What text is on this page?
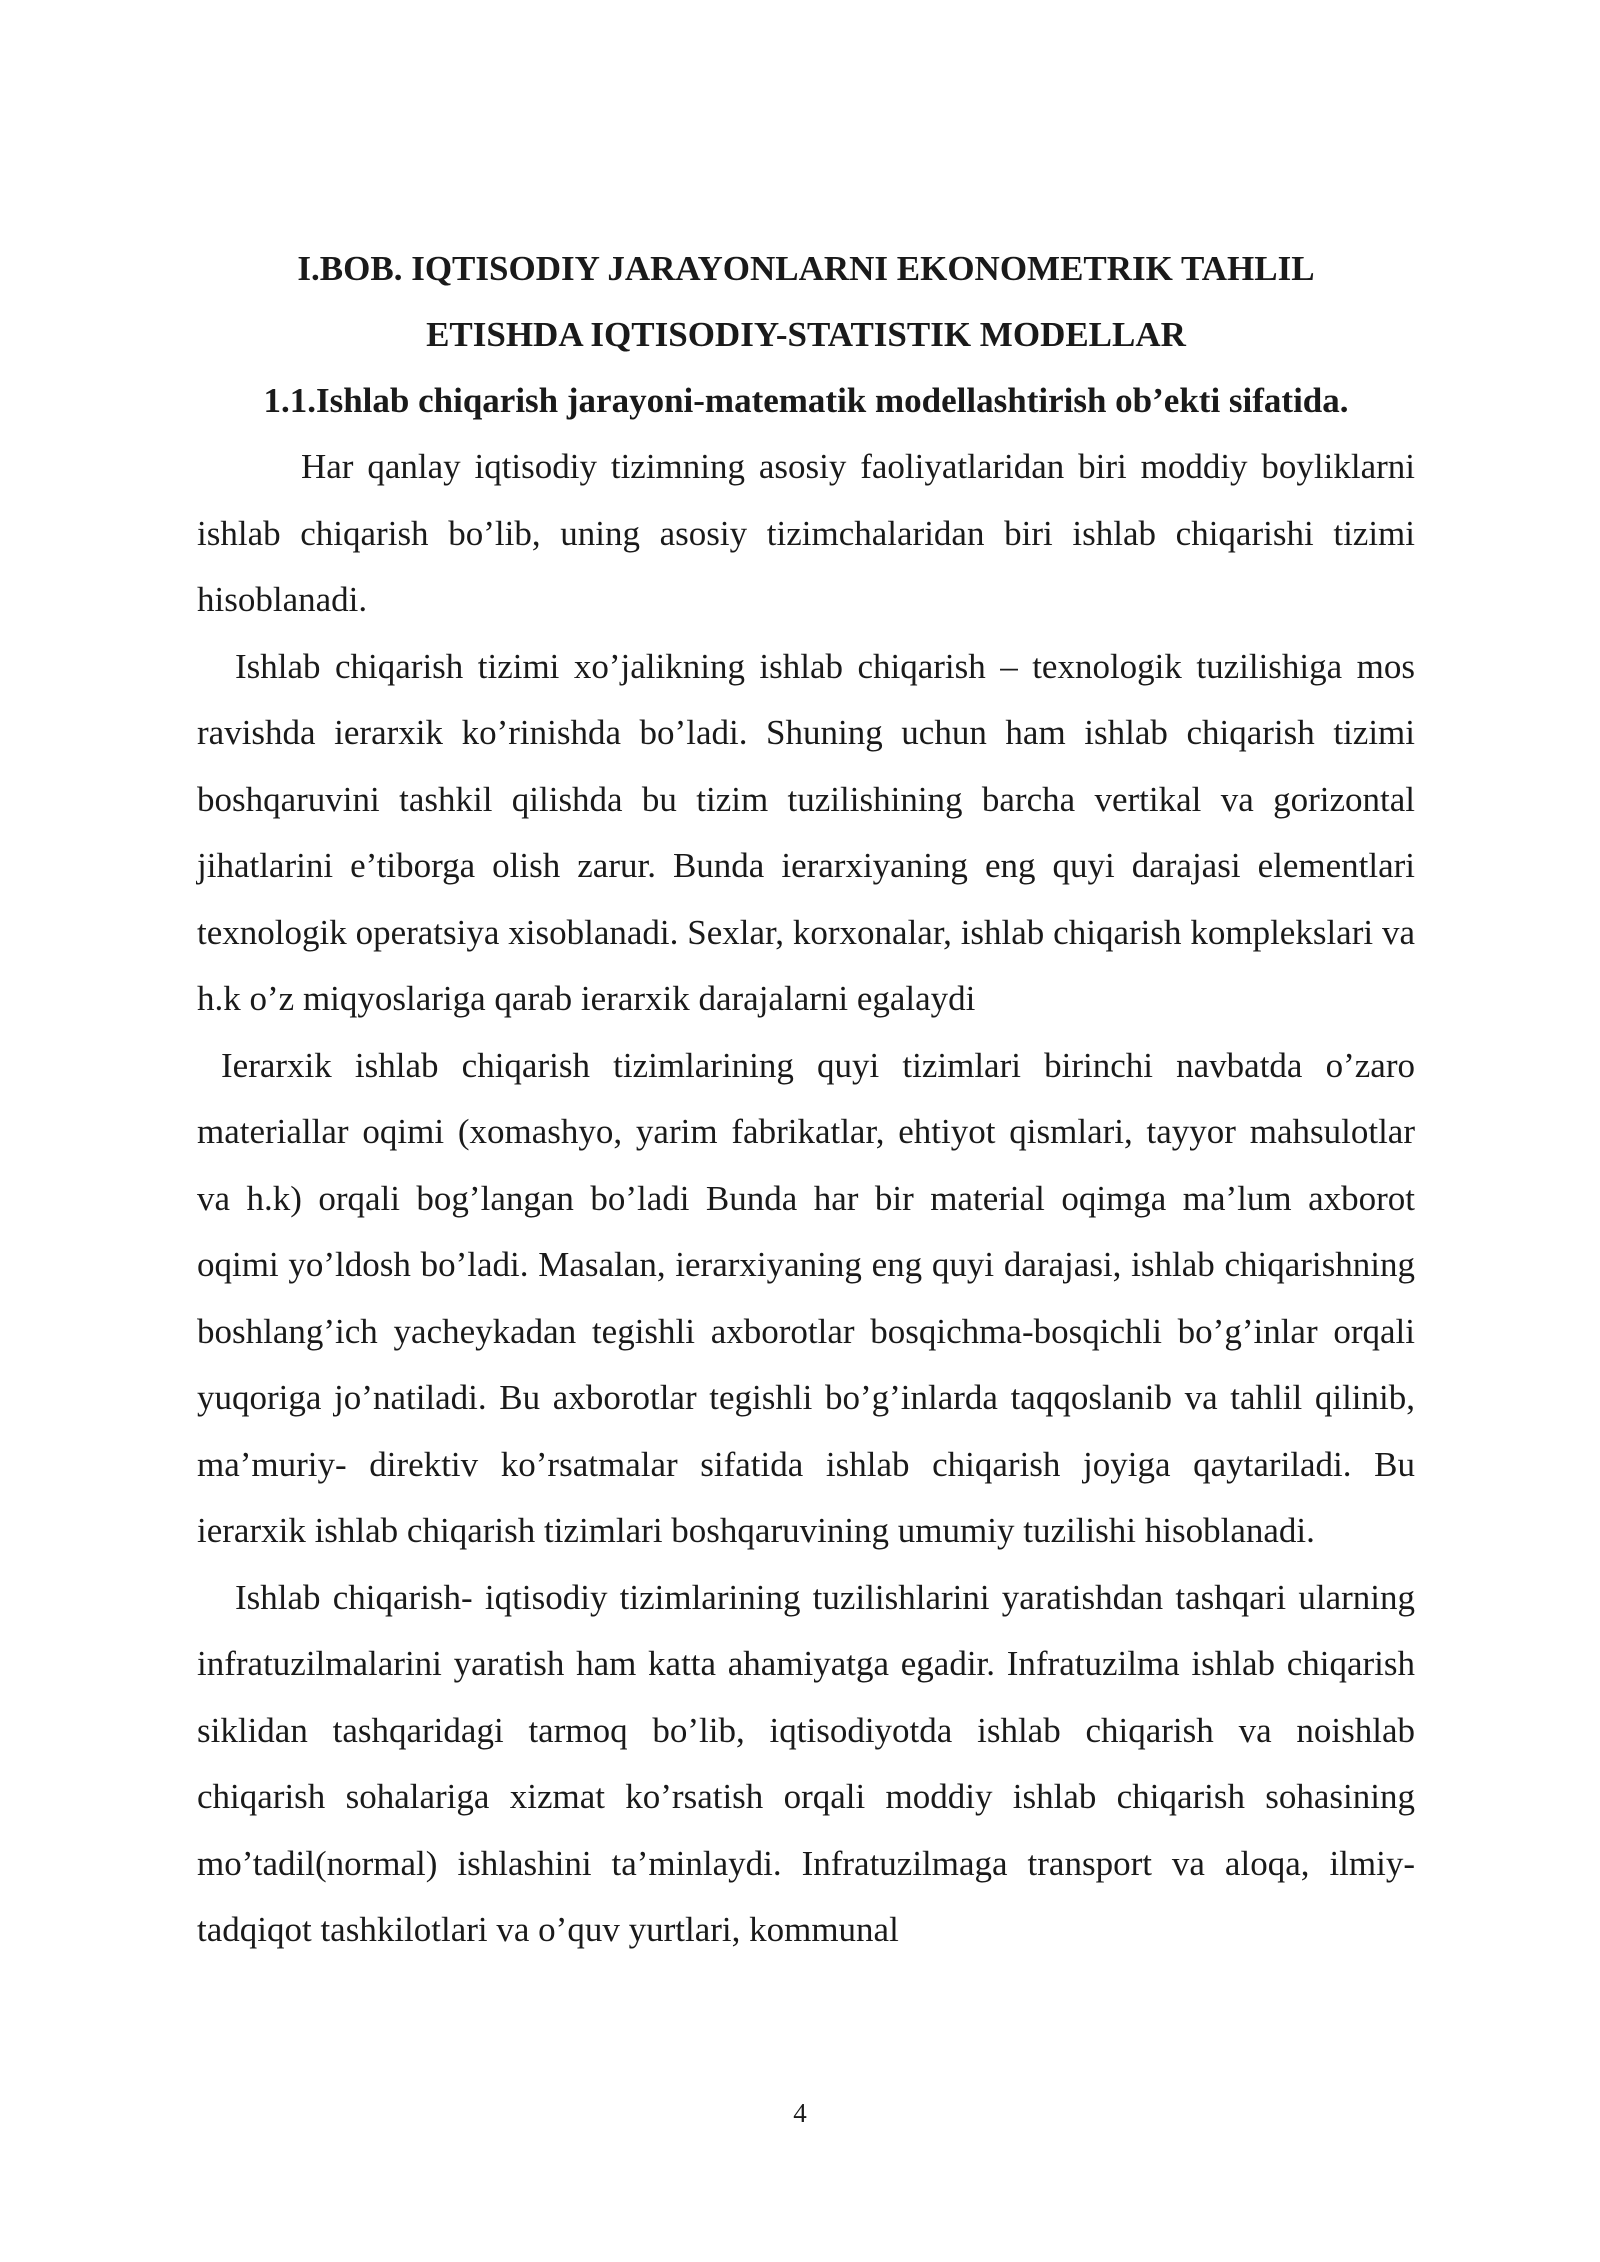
I.BOB. IQTISODIY JARAYONLARNI EKONOMETRIK TAHLIL
ETISHDA IQTISODIY-STATISTIK MODELLAR
1.1.Ishlab chiqarish jarayoni-matematik modellashtirish ob’ekti sifatida.

Har qanlay iqtisodiy tizimning asosiy faoliyatlaridan biri moddiy boyliklarni ishlab chiqarish bo’lib, uning asosiy tizimchalaridan biri ishlab chiqarishi tizimi hisoblanadi.

Ishlab chiqarish tizimi xo’jalikning ishlab chiqarish – texnologik tuzilishiga mos ravishda ierarxik ko’rinishda bo’ladi. Shuning uchun ham ishlab chiqarish tizimi boshqaruvini tashkil qilishda bu tizim tuzilishining barcha vertikal va gorizontal jihatlarini e’tiborga olish zarur. Bunda ierarxiyaning eng quyi darajasi elementlari texnologik operatsiya xisoblanadi. Sexlar, korxonalar, ishlab chiqarish komplekslari va h.k o’z miqyoslariga qarab ierarxik darajalarni egalaydi

Ierarxik ishlab chiqarish tizimlarining quyi tizimlari birinchi navbatda o’zaro materiallar oqimi (xomashyo, yarim fabrikatlar, ehtiyot qismlari, tayyor mahsulotlar va h.k) orqali bog’langan bo’ladi Bunda har bir material oqimga ma’lum axborot oqimi yo’ldosh bo’ladi. Masalan, ierarxiyaning eng quyi darajasi, ishlab chiqarishning boshlang’ich yacheykadan tegishli axborotlar bosqichma-bosqichli bo’g’inlar orqali yuqoriga jo’natiladi. Bu axborotlar tegishli bo’g’inlarda taqqoslanib va tahlil qilinib, ma’muriy- direktiv ko’rsatmalar sifatida ishlab chiqarish joyiga qaytariladi. Bu ierarxik ishlab chiqarish tizimlari boshqaruvining umumiy tuzilishi hisoblanadi.

Ishlab chiqarish- iqtisodiy tizimlarining tuzilishlarini yaratishdan tashqari ularning infratuzilmalarini yaratish ham katta ahamiyatga egadir. Infratuzilma ishlab chiqarish siklidan tashqaridagi tarmoq bo’lib, iqtisodiyotda ishlab chiqarish va noishlab chiqarish sohalariga xizmat ko’rsatish orqali moddiy ishlab chiqarish sohasining mo’tadil(normal) ishlashini ta’minlaydi. Infratuzilmaga transport va aloqa, ilmiy-tadqiqot tashkilotlari va o’quv yurtlari, kommunal

4
